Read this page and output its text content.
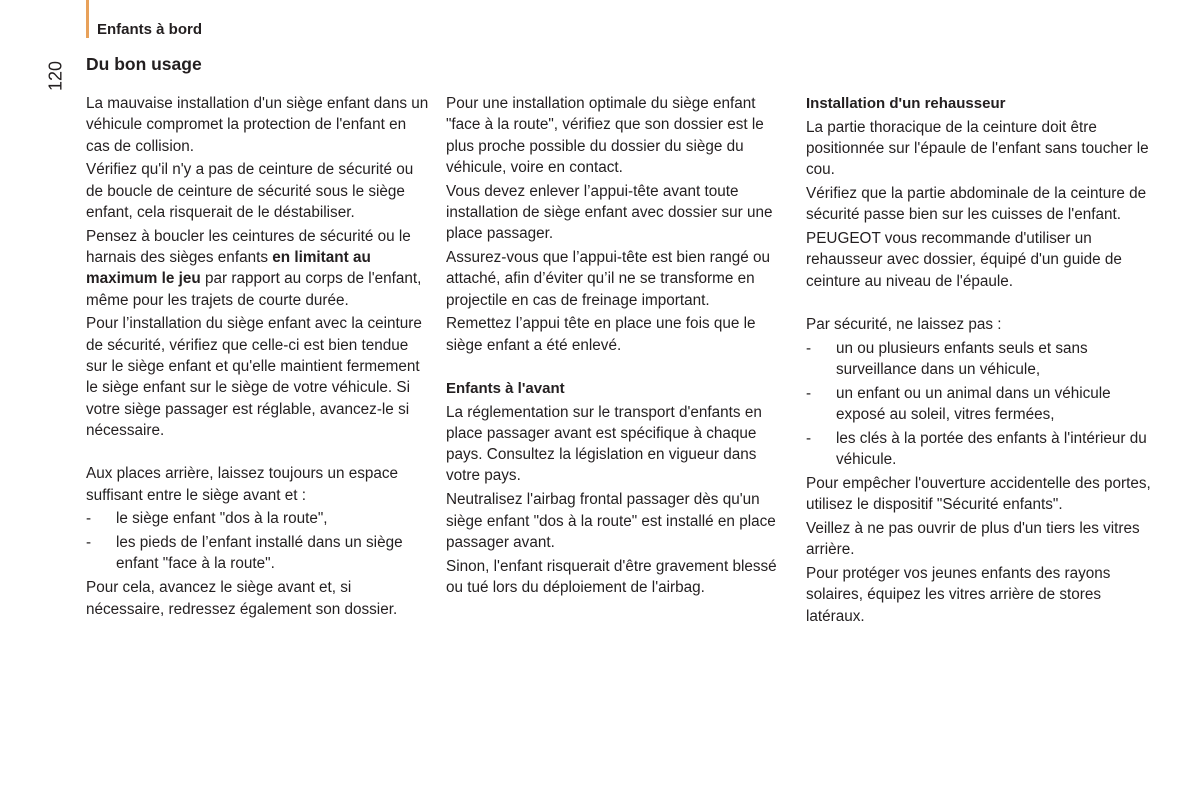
Enfants à bord
120 Du bon usage

La mauvaise installation d'un siège enfant dans un véhicule compromet la protection de l'enfant en cas de collision.

Vérifiez qu'il n'y a pas de ceinture de sécurité ou de boucle de ceinture de sécurité sous le siège enfant, cela risquerait de le déstabiliser.

Pensez à boucler les ceintures de sécurité ou le harnais des sièges enfants en limitant au maximum le jeu par rapport au corps de l'enfant, même pour les trajets de courte durée.

Pour l’installation du siège enfant avec la ceinture de sécurité, vérifiez que celle-ci est bien tendue sur le siège enfant et qu'elle maintient fermement le siège enfant sur le siège de votre véhicule. Si votre siège passager est réglable, avancez-le si nécessaire.

Aux places arrière, laissez toujours un espace suffisant entre le siège avant et :

- le siège enfant "dos à la route",
- les pieds de l’enfant installé dans un siège enfant "face à la route".

Pour cela, avancez le siège avant et, si nécessaire, redressez également son dossier.

Pour une installation optimale du siège enfant "face à la route", vérifiez que son dossier est le plus proche possible du dossier du siège du véhicule, voire en contact.

Vous devez enlever l’appui-tête avant toute installation de siège enfant avec dossier sur une place passager.

Assurez-vous que l’appui-tête est bien rangé ou attaché, afin d’éviter qu’il ne se transforme en projectile en cas de freinage important.

Remettez l’appui tête en place une fois que le siège enfant a été enlevé.

Enfants à l'avant

La réglementation sur le transport d'enfants en place passager avant est spécifique à chaque pays. Consultez la législation en vigueur dans votre pays.

Neutralisez l'airbag frontal passager dès qu'un siège enfant "dos à la route" est installé en place passager avant.

Sinon, l'enfant risquerait d'être gravement blessé ou tué lors du déploiement de l'airbag.

Installation d'un rehausseur

La partie thoracique de la ceinture doit être positionnée sur l'épaule de l'enfant sans toucher le cou.

Vérifiez que la partie abdominale de la ceinture de sécurité passe bien sur les cuisses de l'enfant.

PEUGEOT vous recommande d'utiliser un rehausseur avec dossier, équipé d'un guide de ceinture au niveau de l'épaule.

Par sécurité, ne laissez pas :

- un ou plusieurs enfants seuls et sans surveillance dans un véhicule,
- un enfant ou un animal dans un véhicule exposé au soleil, vitres fermées,
- les clés à la portée des enfants à l'intérieur du véhicule.

Pour empêcher l'ouverture accidentelle des portes, utilisez le dispositif "Sécurité enfants".

Veillez à ne pas ouvrir de plus d'un tiers les vitres arrière.

Pour protéger vos jeunes enfants des rayons solaires, équipez les vitres arrière de stores latéraux.
